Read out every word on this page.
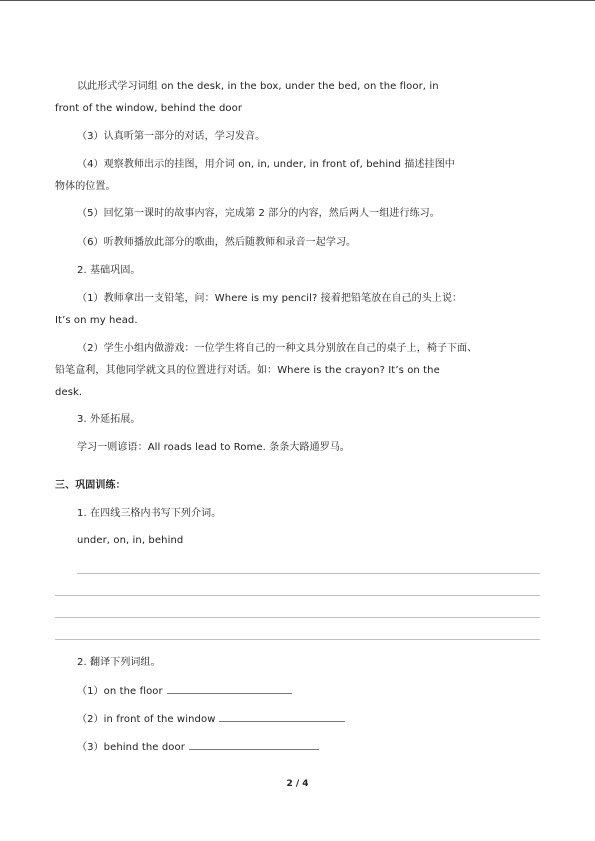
以此形式学习词组 on the desk, in the box, under the bed, on the floor, in
front of the window, behind the door
（3）认真听第一部分的对话，学习发音。
（4）观察教师出示的挂图，用介词 on, in, under, in front of, behind 描述挂图中
物体的位置。
（5）回忆第一课时的故事内容，完成第 2 部分的内容，然后两人一组进行练习。
（6）听教师播放此部分的歌曲，然后随教师和录音一起学习。
2. 基础巩固。
（1）教师拿出一支铅笔，问：Where is my pencil? 接着把铅笔放在自己的头上说：
It’s on my head.
（2）学生小组内做游戏：一位学生将自己的一种文具分别放在自己的桌子上，椅子下面、
铅笔盒利，其他同学就文具的位置进行对话。如：Where is the crayon? It’s on the
desk.
3. 外延拓展。
学习一则谚语：All roads lead to Rome. 条条大路通罗马。
三、巩固训练：
1. 在四线三格内书写下列介词。
under, on, in, behind
2. 翻译下列词组。
（1）on the floor
（2）in front of the window
（3）behind the door
2 / 4
